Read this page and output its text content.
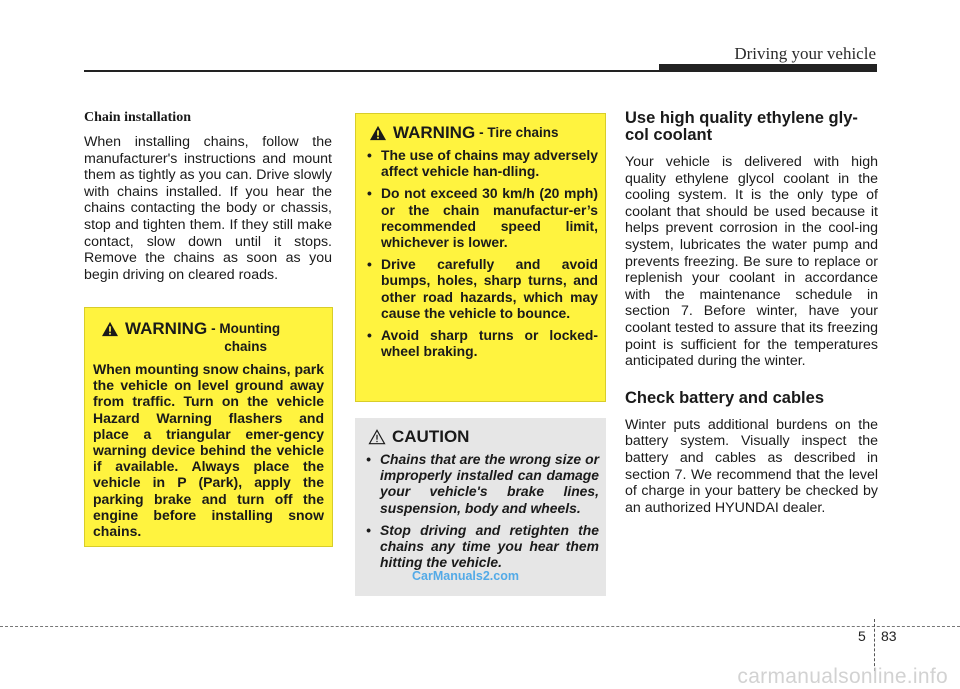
Driving your vehicle
Chain installation

When installing chains, follow the manufacturer's instructions and mount them as tightly as you can. Drive slowly with chains installed. If you hear the chains contacting the body or chassis, stop and tighten them. If they still make contact, slow down until it stops. Remove the chains as soon as you begin driving on cleared roads.

WARNING - Mounting
chains

When mounting snow chains, park the vehicle on level ground away from traffic. Turn on the vehicle Hazard Warning flashers and place a triangular emer-gency warning device behind the vehicle if available. Always place the vehicle in P (Park), apply the parking brake and turn off the engine before installing snow chains.

WARNING - Tire chains
• The use of chains may adversely affect vehicle han-dling.
• Do not exceed 30 km/h (20 mph) or the chain manufactur-er’s recommended speed limit, whichever is lower.
• Drive carefully and avoid bumps, holes, sharp turns, and other road hazards, which may cause the vehicle to bounce.
• Avoid sharp turns or locked-wheel braking.
CAUTION
• Chains that are the wrong size or improperly installed can damage your vehicle's brake lines, suspension, body and wheels.
• Stop driving and retighten the chains any time you hear them hitting the vehicle.
CarManuals2.com
Use high quality ethylene gly-col coolant

Your vehicle is delivered with high quality ethylene glycol coolant in the cooling system. It is the only type of coolant that should be used because it helps prevent corrosion in the cool-ing system, lubricates the water pump and prevents freezing. Be sure to replace or replenish your coolant in accordance with the maintenance schedule in section 7. Before winter, have your coolant tested to assure that its freezing point is sufficient for the temperatures anticipated during the winter.

Check battery and cables

Winter puts additional burdens on the battery system. Visually inspect the battery and cables as described in section 7. We recommend that the level of charge in your battery be checked by an authorized HYUNDAI dealer.

5 83
carmanualsonline.info
